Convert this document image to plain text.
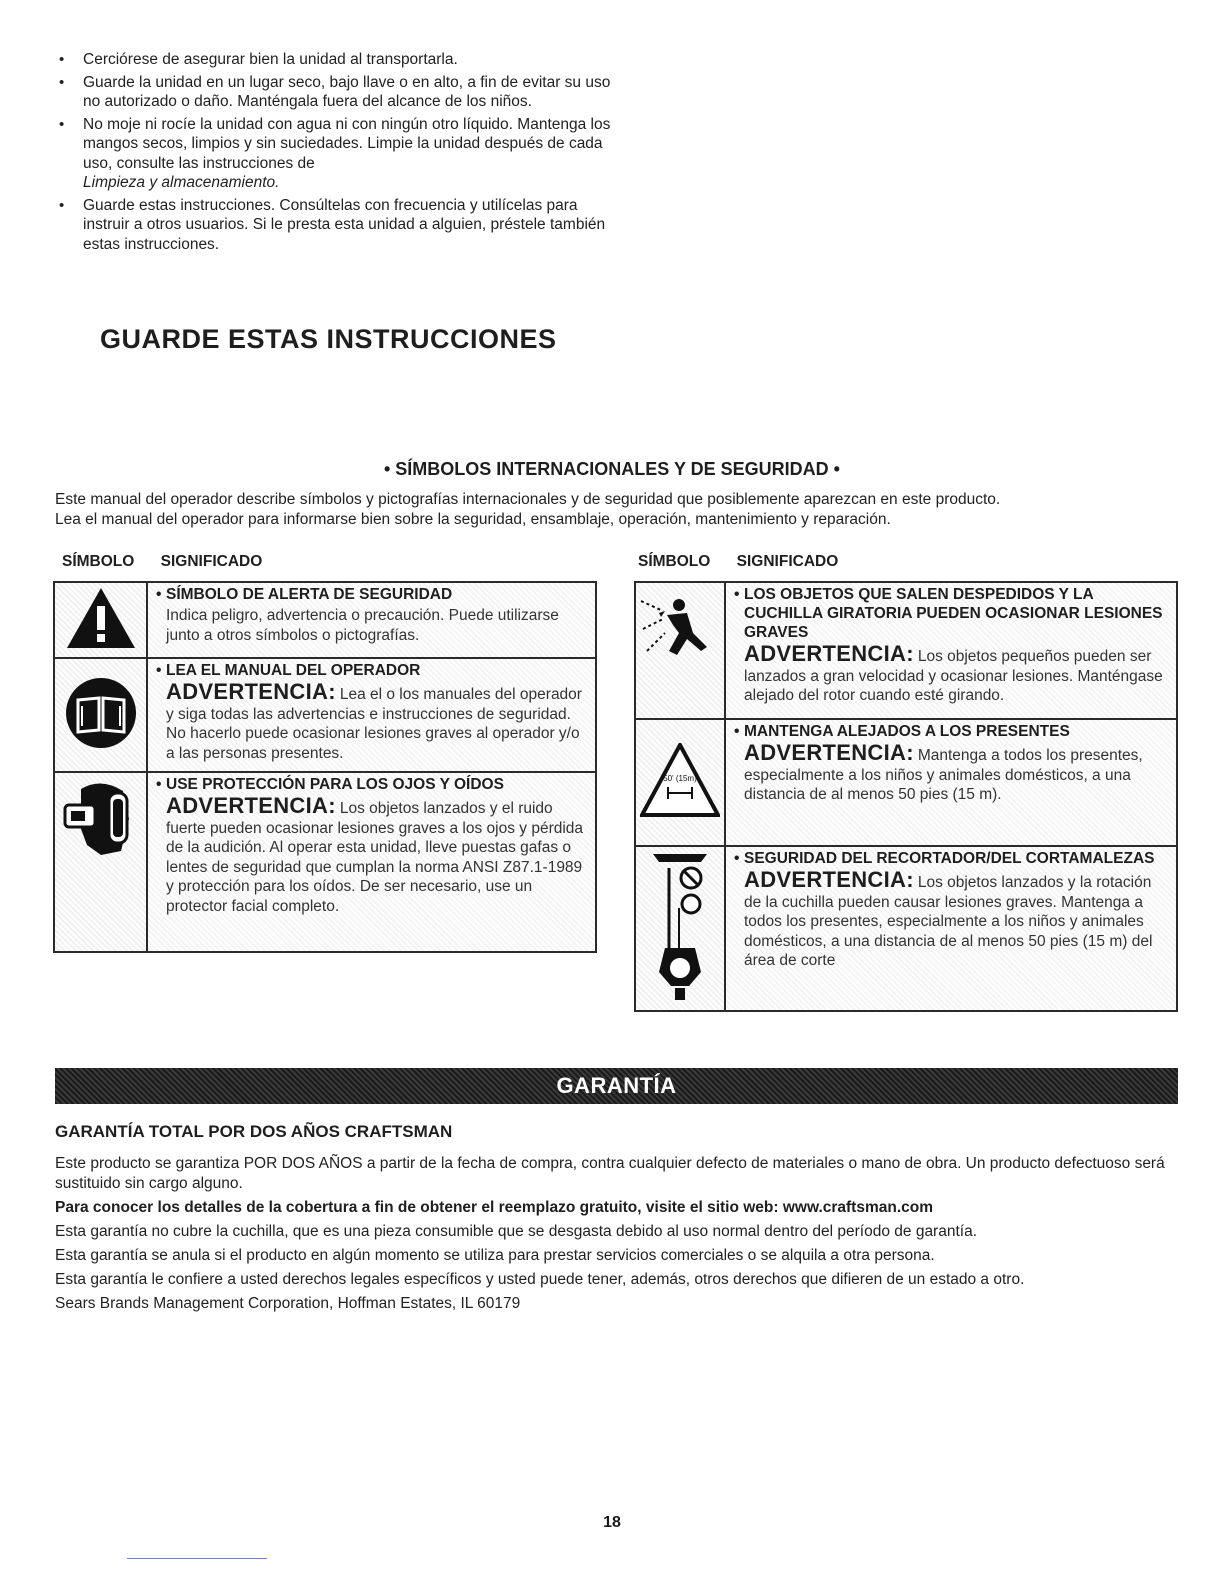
• Cerciórese de asegurar bien la unidad al transportarla.
• Guarde la unidad en un lugar seco, bajo llave o en alto, a fin de evitar su uso no autorizado o daño. Manténgala fuera del alcance de los niños.
• No moje ni rocíe la unidad con agua ni con ningún otro líquido. Mantenga los mangos secos, limpios y sin suciedades. Limpie la unidad después de cada uso, consulte las instrucciones de
Limpieza y almacenamiento.
• Guarde estas instrucciones. Consúltelas con frecuencia y utilícelas para instruir a otros usuarios. Si le presta esta unidad a alguien, préstele también estas instrucciones.
GUARDE ESTAS INSTRUCCIONES
• SÍMBOLOS INTERNACIONALES Y DE SEGURIDAD •

Este manual del operador describe símbolos y pictografías internacionales y de seguridad que posiblemente aparezcan en este producto.

Lea el manual del operador para informarse bien sobre la seguridad, ensamblaje, operación, mantenimiento y reparación.

SÍMBOLO SIGNIFICADO	SÍMBOLO SIGNIFICADO

• SÍMBOLO DE ALERTA DE SEGURIDAD
Indica peligro, advertencia o precaución. Puede utilizarse junto a otros símbolos o pictografías.

• LEA EL MANUAL DEL OPERADOR
ADVERTENCIA: Lea el o los manuales del operador y siga todas las advertencias e instrucciones de seguridad. No hacerlo puede ocasionar lesiones graves al operador y/o a las personas presentes.

• USE PROTECCIÓN PARA LOS OJOS Y OÍDOS
ADVERTENCIA: Los objetos lanzados y el ruido fuerte pueden ocasionar lesiones graves a los ojos y pérdida de la audición. Al operar esta unidad, lleve puestas gafas o lentes de seguridad que cumplan la norma ANSI Z87.1-1989 y protección para los oídos. De ser necesario, use un protector facial completo.

• LOS OBJETOS QUE SALEN DESPEDIDOS Y LA CUCHILLA GIRATORIA PUEDEN OCASIONAR LESIONES GRAVES
ADVERTENCIA: Los objetos pequeños pueden ser lanzados a gran velocidad y ocasionar lesiones. Manténgase alejado del rotor cuando esté girando.

50' (15m)	• MANTENGA ALEJADOS A LOS PRESENTES
ADVERTENCIA: Mantenga a todos los presentes, especialmente a los niños y animales domésticos, a una distancia de al menos 50 pies (15 m).

• SEGURIDAD DEL RECORTADOR/DEL CORTAMALEZAS
ADVERTENCIA: Los objetos lanzados y la rotación de la cuchilla pueden causar lesiones graves. Mantenga a todos los presentes, especialmente a los niños y animales domésticos, a una distancia de al menos 50 pies (15 m) del área de corte
GARANTÍA
GARANTÍA TOTAL POR DOS AÑOS CRAFTSMAN

Este producto se garantiza POR DOS AÑOS a partir de la fecha de compra, contra cualquier defecto de materiales o mano de obra. Un producto defectuoso será sustituido sin cargo alguno.

Para conocer los detalles de la cobertura a fin de obtener el reemplazo gratuito, visite el sitio web: www.craftsman.com

Esta garantía no cubre la cuchilla, que es una pieza consumible que se desgasta debido al uso normal dentro del período de garantía.

Esta garantía se anula si el producto en algún momento se utiliza para prestar servicios comerciales o se alquila a otra persona.

Esta garantía le confiere a usted derechos legales específicos y usted puede tener, además, otros derechos que difieren de un estado a otro.

Sears Brands Management Corporation, Hoffman Estates, IL 60179

18
